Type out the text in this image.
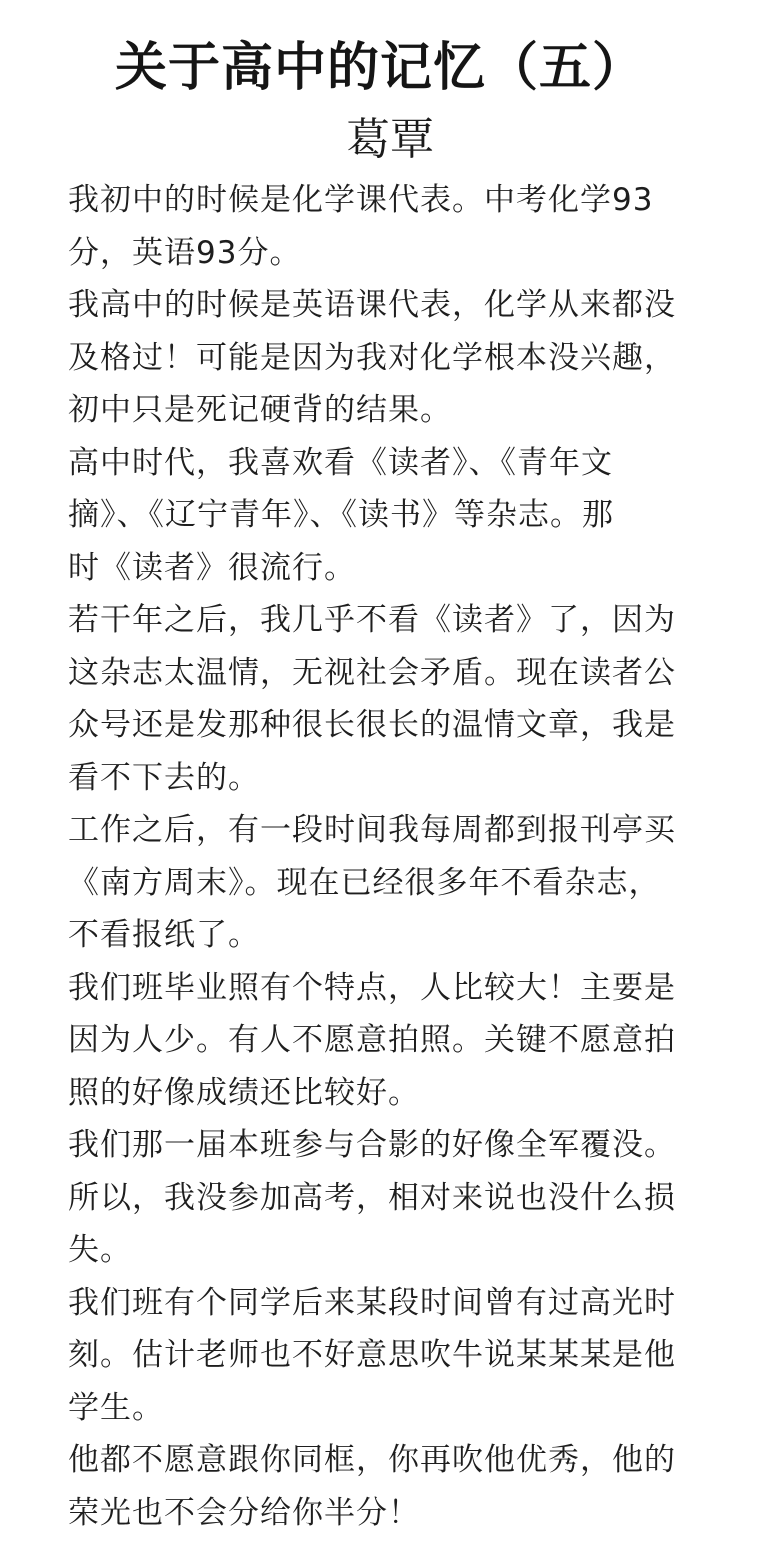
关于高中的记忆（五）
葛覃
我初中的时候是化学课代表。中考化学93
分，英语93分。
我高中的时候是英语课代表，化学从来都没
及格过！可能是因为我对化学根本没兴趣，
初中只是死记硬背的结果。
高中时代，我喜欢看《读者》、《青年文
摘》、《辽宁青年》、《读书》等杂志。那
时《读者》很流行。
若干年之后，我几乎不看《读者》了，因为
这杂志太温情，无视社会矛盾。现在读者公
众号还是发那种很长很长的温情文章，我是
看不下去的。
工作之后，有一段时间我每周都到报刊亭买
《南方周末》。现在已经很多年不看杂志，
不看报纸了。
我们班毕业照有个特点，人比较大！主要是
因为人少。有人不愿意拍照。关键不愿意拍
照的好像成绩还比较好。
我们那一届本班参与合影的好像全军覆没。
所以，我没参加高考，相对来说也没什么损
失。
我们班有个同学后来某段时间曾有过高光时
刻。估计老师也不好意思吹牛说某某某是他
学生。
他都不愿意跟你同框，你再吹他优秀，他的
荣光也不会分给你半分！
